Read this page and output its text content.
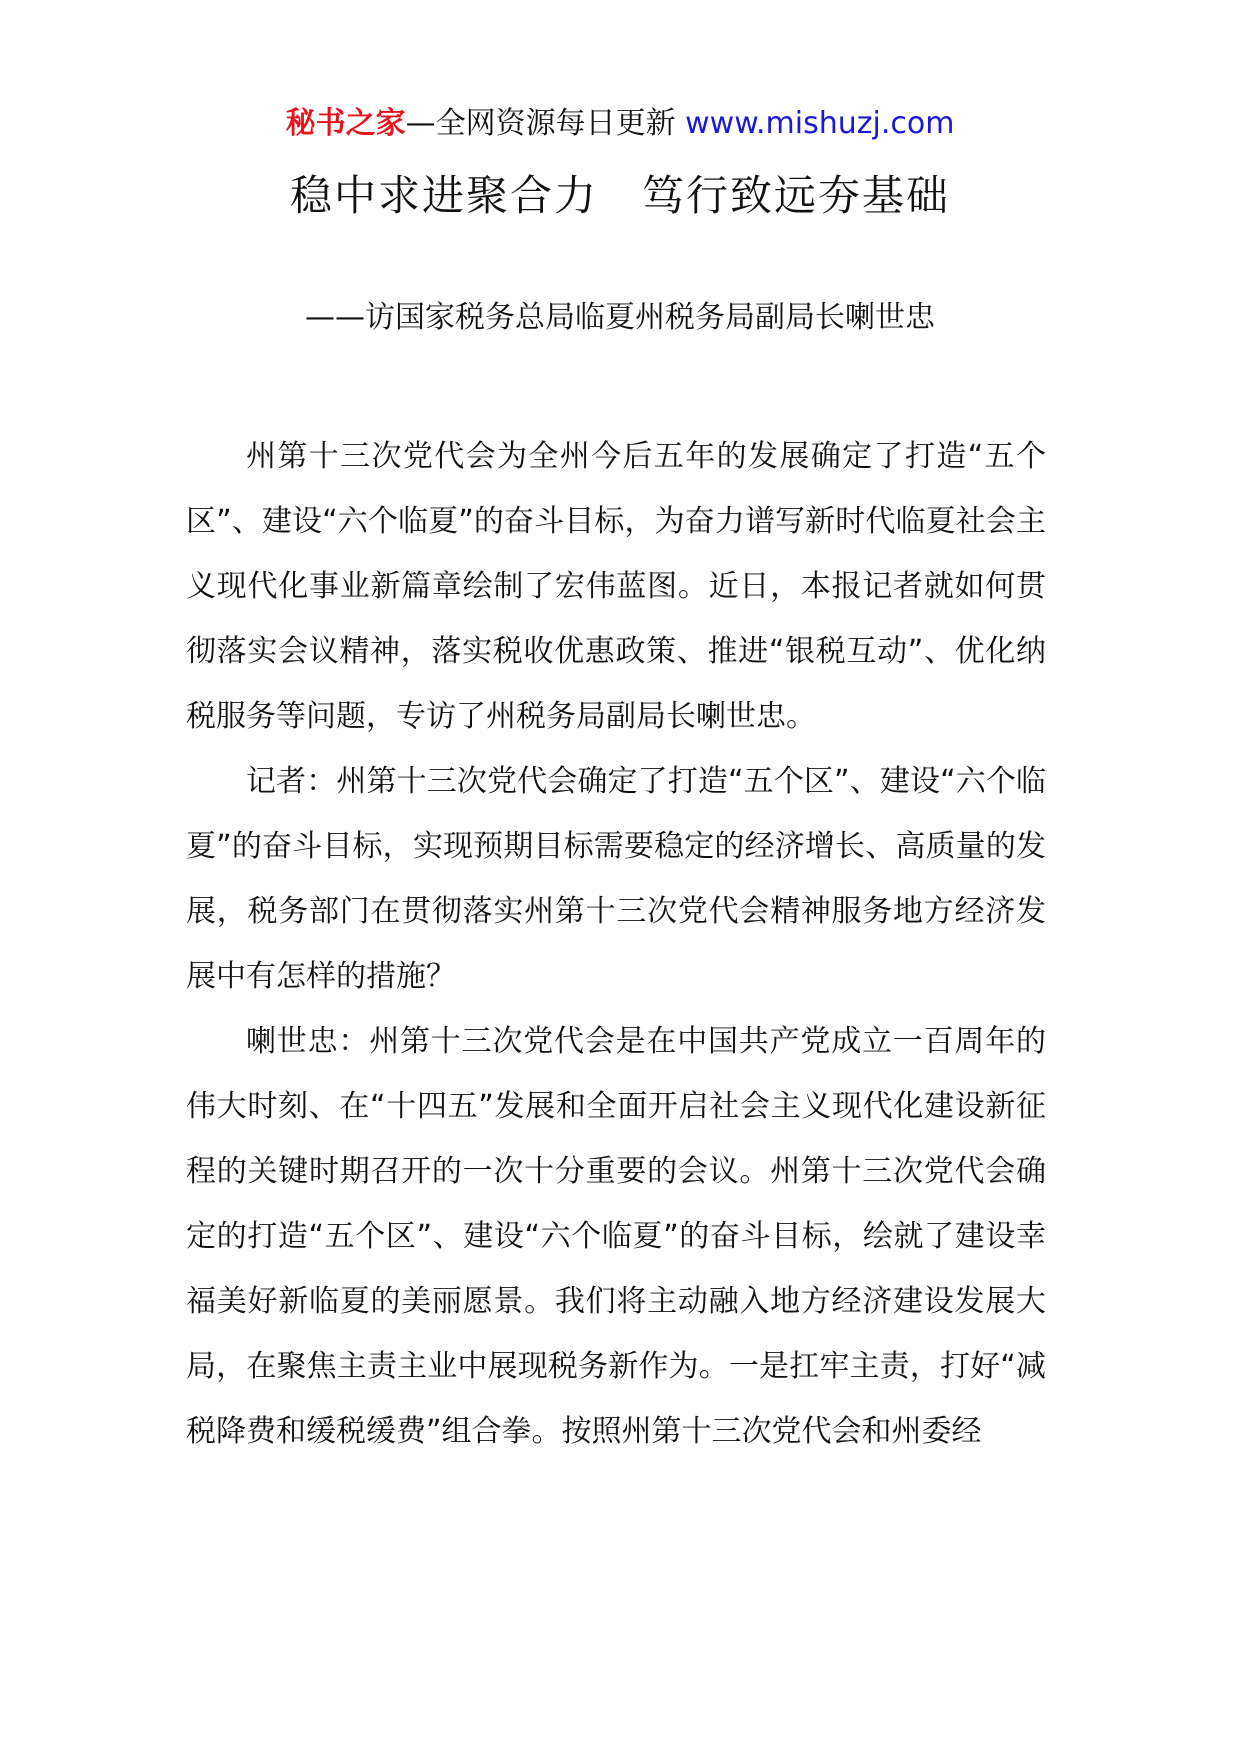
秘书之家—全网资源每日更新 www.mishuzj.com
稳中求进聚合力　笃行致远夯基础
——访国家税务总局临夏州税务局副局长喇世忠

州第十三次党代会为全州今后五年的发展确定了打造“五个区”、建设“六个临夏”的奋斗目标，为奋力谱写新时代临夏社会主义现代化事业新篇章绘制了宏伟蓝图。近日，本报记者就如何贯彻落实会议精神，落实税收优惠政策、推进“银税互动”、优化纳税服务等问题，专访了州税务局副局长喇世忠。

记者：州第十三次党代会确定了打造“五个区”、建设“六个临夏”的奋斗目标，实现预期目标需要稳定的经济增长、高质量的发展，税务部门在贯彻落实州第十三次党代会精神服务地方经济发展中有怎样的措施？

喇世忠：州第十三次党代会是在中国共产党成立一百周年的伟大时刻、在“十四五”发展和全面开启社会主义现代化建设新征程的关键时期召开的一次十分重要的会议。州第十三次党代会确定的打造“五个区”、建设“六个临夏”的奋斗目标，绘就了建设幸福美好新临夏的美丽愿景。我们将主动融入地方经济建设发展大局，在聚焦主责主业中展现税务新作为。一是扛牢主责，打好“减税降费和缓税缓费”组合拳。按照州第十三次党代会和州委经
